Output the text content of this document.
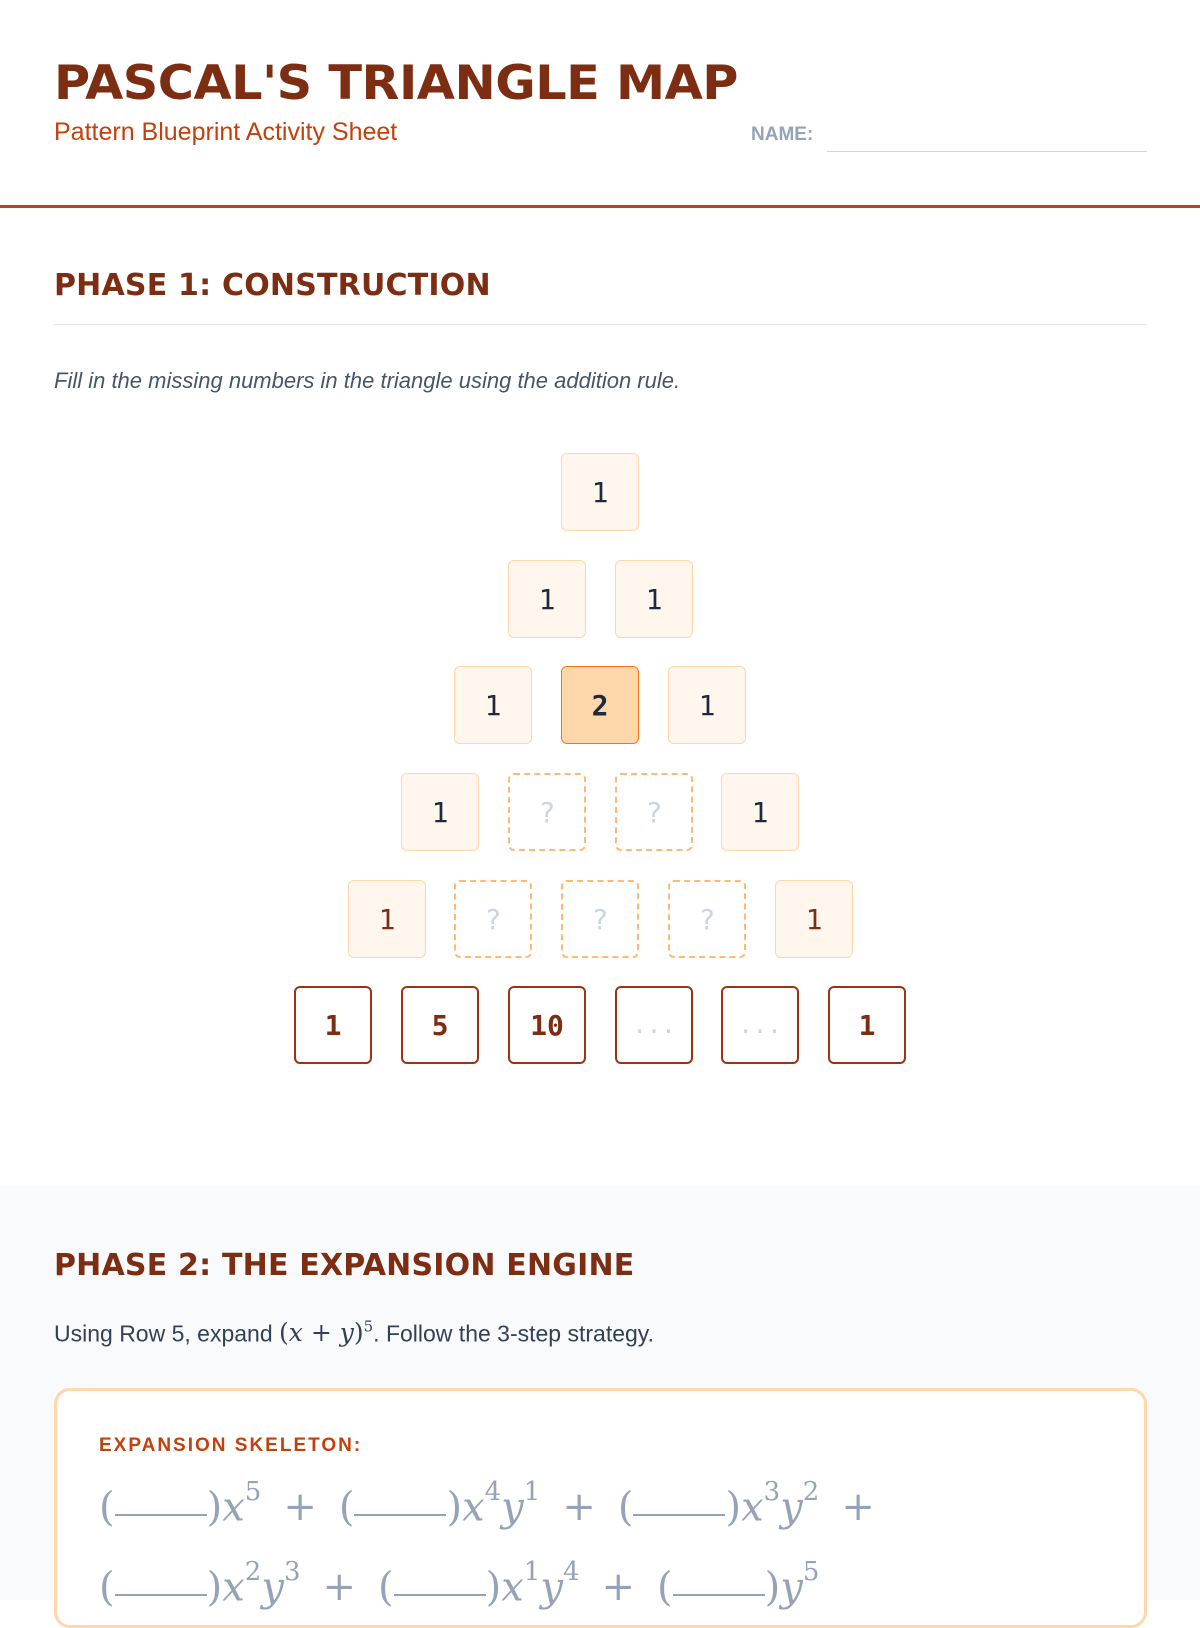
PASCAL'S TRIANGLE MAP
Pattern Blueprint Activity Sheet	NAME:
PHASE 1: CONSTRUCTION
Fill in the missing numbers in the triangle using the addition rule.
1
1	1
1	2	1
1	?	?	1
1	?	?	?	1
1	5	10	...	...	1
PHASE 2: THE EXPANSION ENGINE
Using Row 5, expand $(x + y)^5$. Follow the 3-step strategy.
EXPANSION SKELETON:
( )$x^5$ + ( )$x^4y^1$ + ( )$x^3y^2$ +
( )$x^2y^3$ + ( )$x^1y^4$ + ( )$y^5$
